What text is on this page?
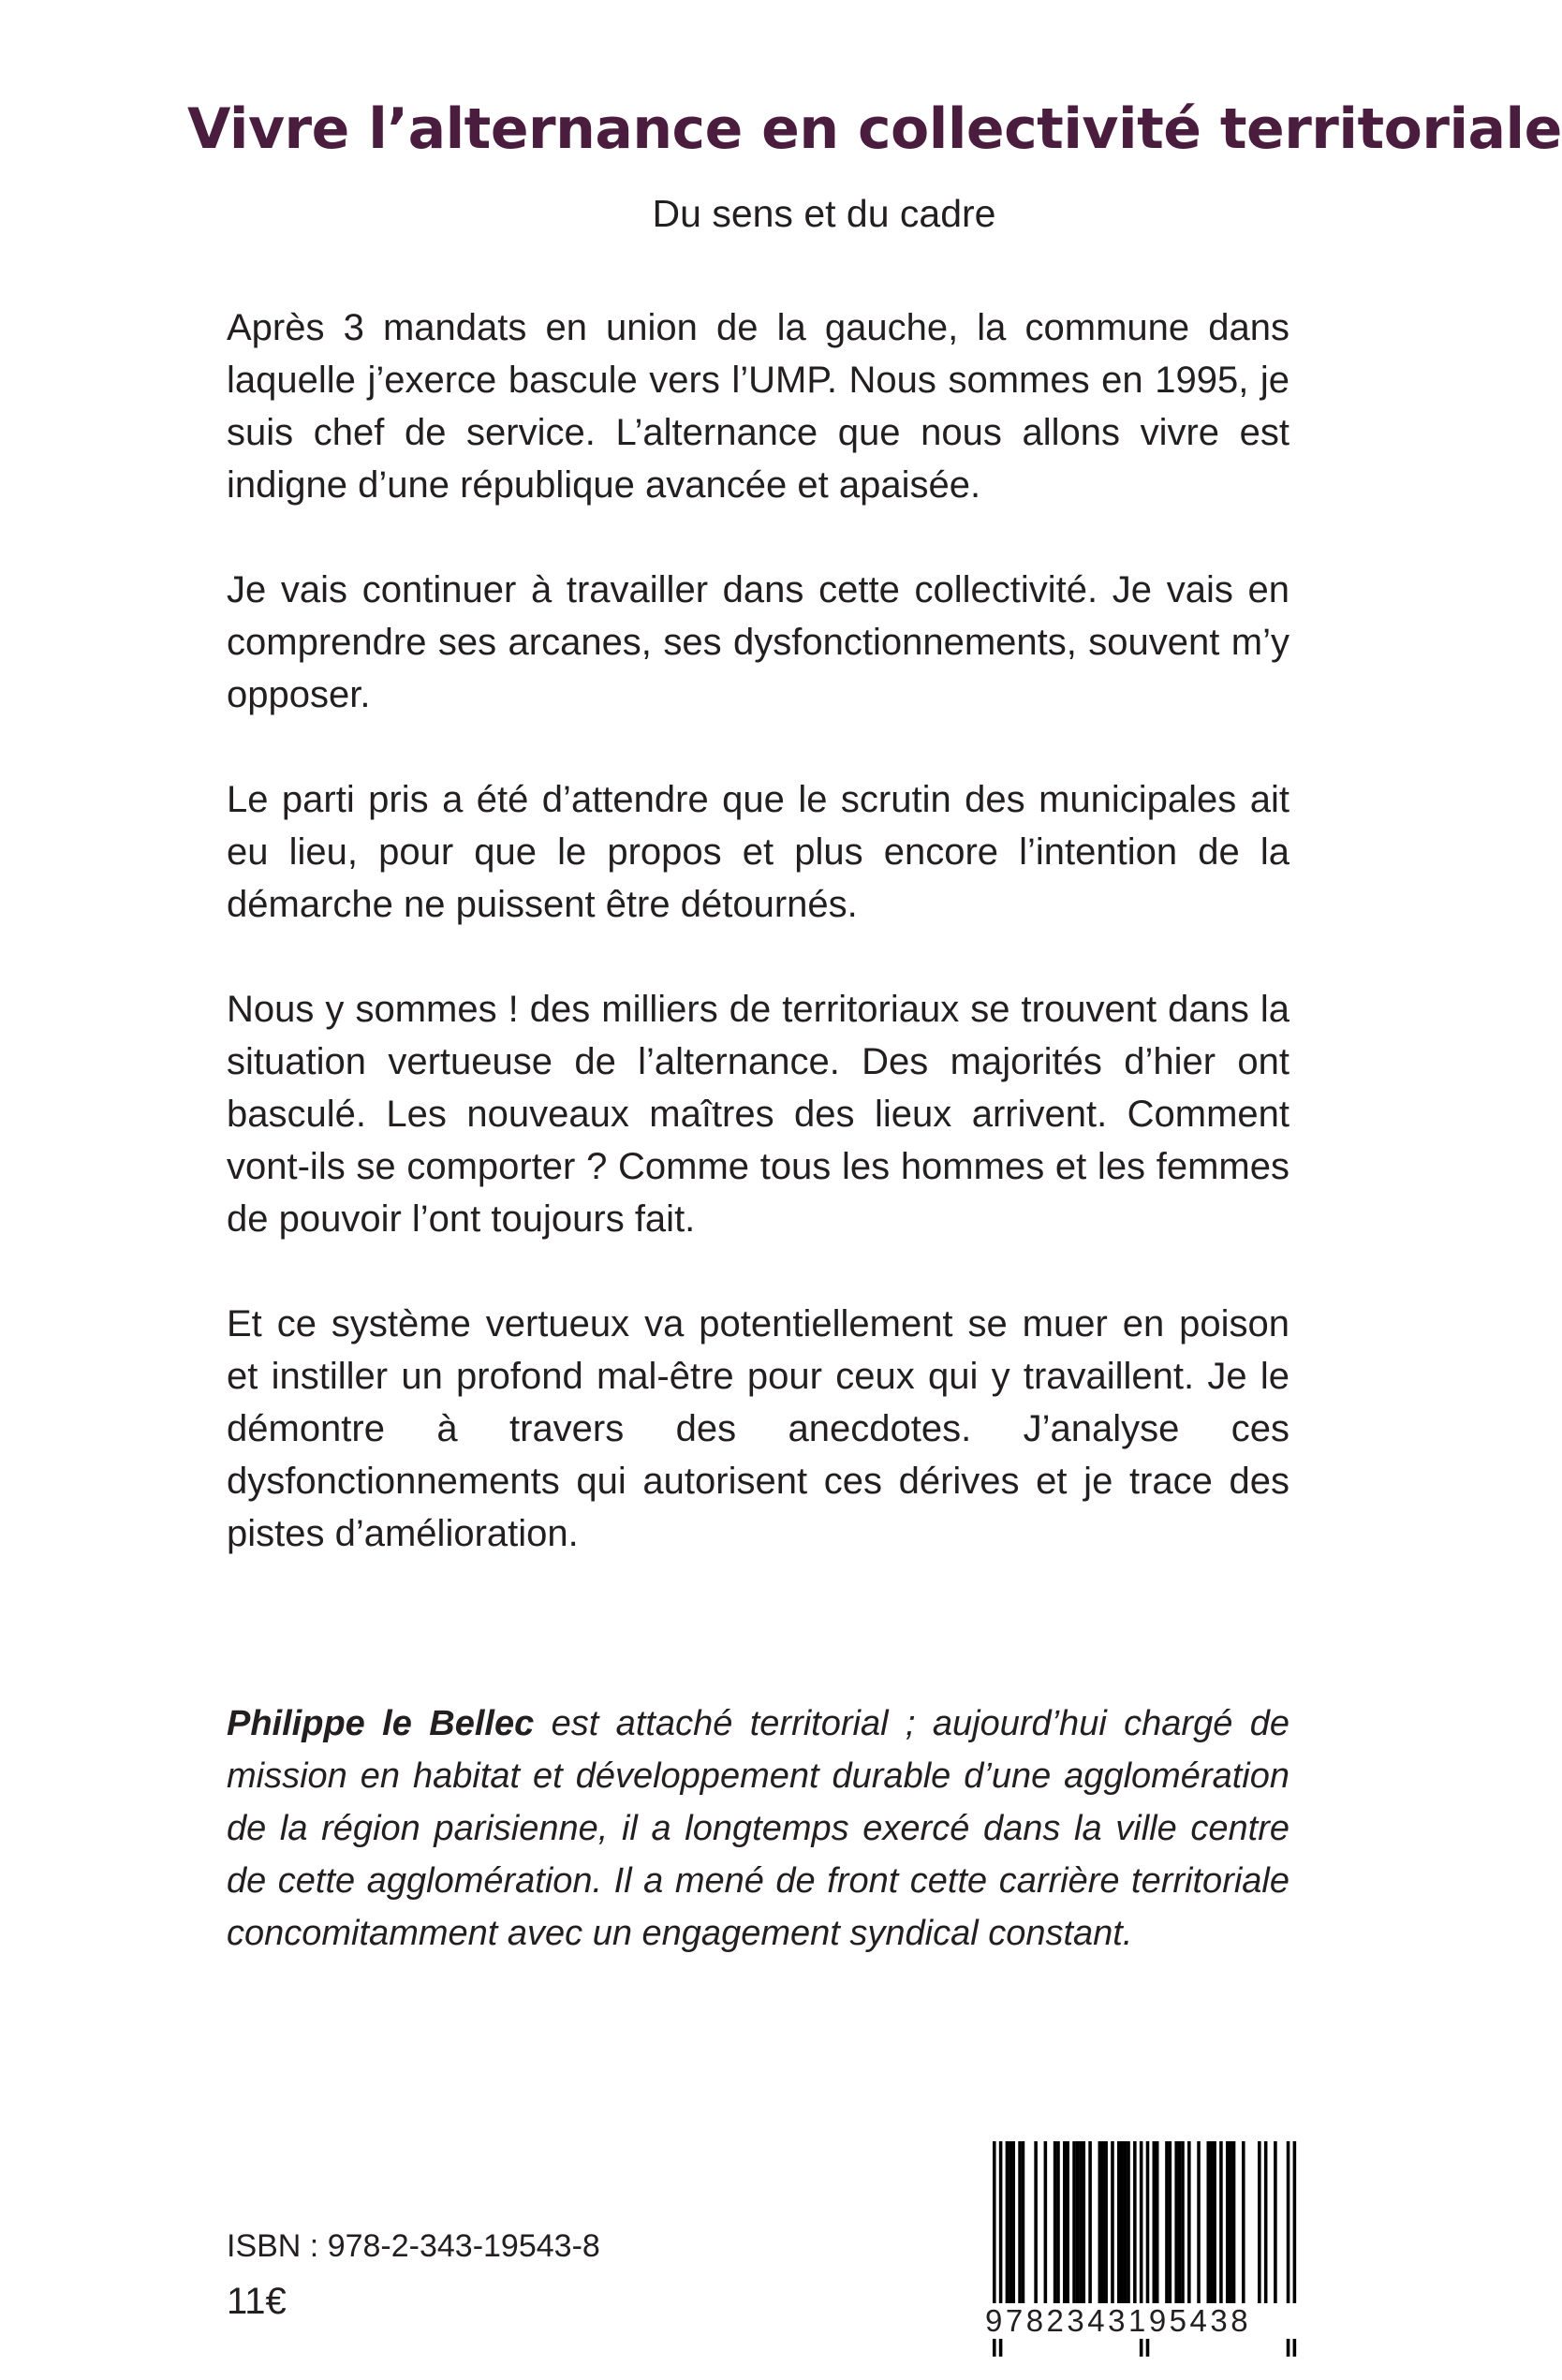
Vivre l’alternance en collectivité territoriale
Du sens et du cadre

Après 3 mandats en union de la gauche, la commune dans laquelle j’exerce bascule vers l’UMP. Nous sommes en 1995, je suis chef de service. L’alternance que nous allons vivre est indigne d’une république avancée et apaisée.

Je vais continuer à travailler dans cette collectivité. Je vais en comprendre ses arcanes, ses dysfonctionnements, souvent m’y opposer.

Le parti pris a été d’attendre que le scrutin des municipales ait eu lieu, pour que le propos et plus encore l’intention de la démarche ne puissent être détournés.

Nous y sommes ! des milliers de territoriaux se trouvent dans la situation vertueuse de l’alternance. Des majorités d’hier ont basculé. Les nouveaux maîtres des lieux arrivent. Comment vont-ils se comporter ? Comme tous les hommes et les femmes de pouvoir l’ont toujours fait.

Et ce système vertueux va potentiellement se muer en poison et instiller un profond mal-être pour ceux qui y travaillent. Je le démontre à travers des anecdotes. J’analyse ces dysfonctionnements qui autorisent ces dérives et je trace des pistes d’amélioration.

Philippe le Bellec est attaché territorial ; aujourd’hui chargé de mission en habitat et développement durable d’une agglomération de la région parisienne, il a longtemps exercé dans la ville centre de cette agglomération. Il a mené de front cette carrière territoriale concomitamment avec un engagement syndical constant.
ISBN : 978-2-343-19543-8
11€	9782343195438
